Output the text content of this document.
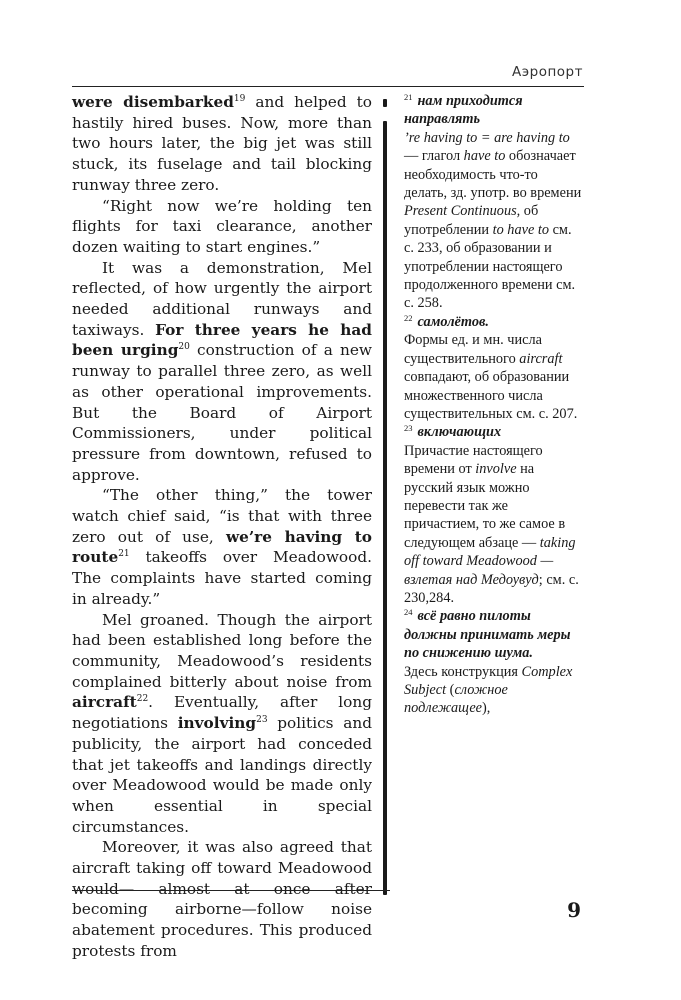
Аэропорт

were disembarked$^{19}$ and helped to hastily hired buses. Now, more than two hours later, the big jet was still stuck, its fuselage and tail blocking runway three zero.

“Right now we’re holding ten flights for taxi clearance, another dozen waiting to start engines.”

It was a demonstration, Mel reflected, of how urgently the airport needed additional runways and taxiways. For three years he had been urging$^{20}$ construction of a new runway to parallel three zero, as well as other operational improvements. But the Board of Airport Commissioners, under political pressure from downtown, refused to approve.

“The other thing,” the tower watch chief said, “is that with three zero out of use, we’re having to route$^{21}$ takeoffs over Meadowood. The complaints have started coming in already.”

Mel groaned. Though the airport had been established long before the community, Meadowood’s residents complained bitterly about noise from aircraft$^{22}$. Eventually, after long negotiations involving$^{23}$ politics and publicity, the airport had conceded that jet takeoffs and landings directly over Meadowood would be made only when essential in special circumstances.

Moreover, it was also agreed that aircraft taking off toward Meadowood would— almost at once after becoming airborne—follow noise abatement procedures. This produced protests from

$^{21}$ нам приходится направлять
’re having to = are having to — глагол have to обозначает необходимость что-то делать, зд. употр. во времени Present Continuous, об употреблении to have to см. с. 233, об образовании и употреблении настоящего продолженного времени см. с. 258.
$^{22}$ самолётов.
Формы ед. и мн. числа существительного aircraft совпадают, об образовании множественного числа существительных см. с. 207.
$^{23}$ включающих
Причастие настоящего времени от involve на русский язык можно перевести так же причастием, то же самое в следующем абзаце — taking off toward Meadowood — взлетая над Медоувуд; см. с. 230,284.
$^{24}$ всё равно пилоты должны принимать меры по снижению шума.
Здесь конструкция Complex Subject (сложное подлежащее),
9
